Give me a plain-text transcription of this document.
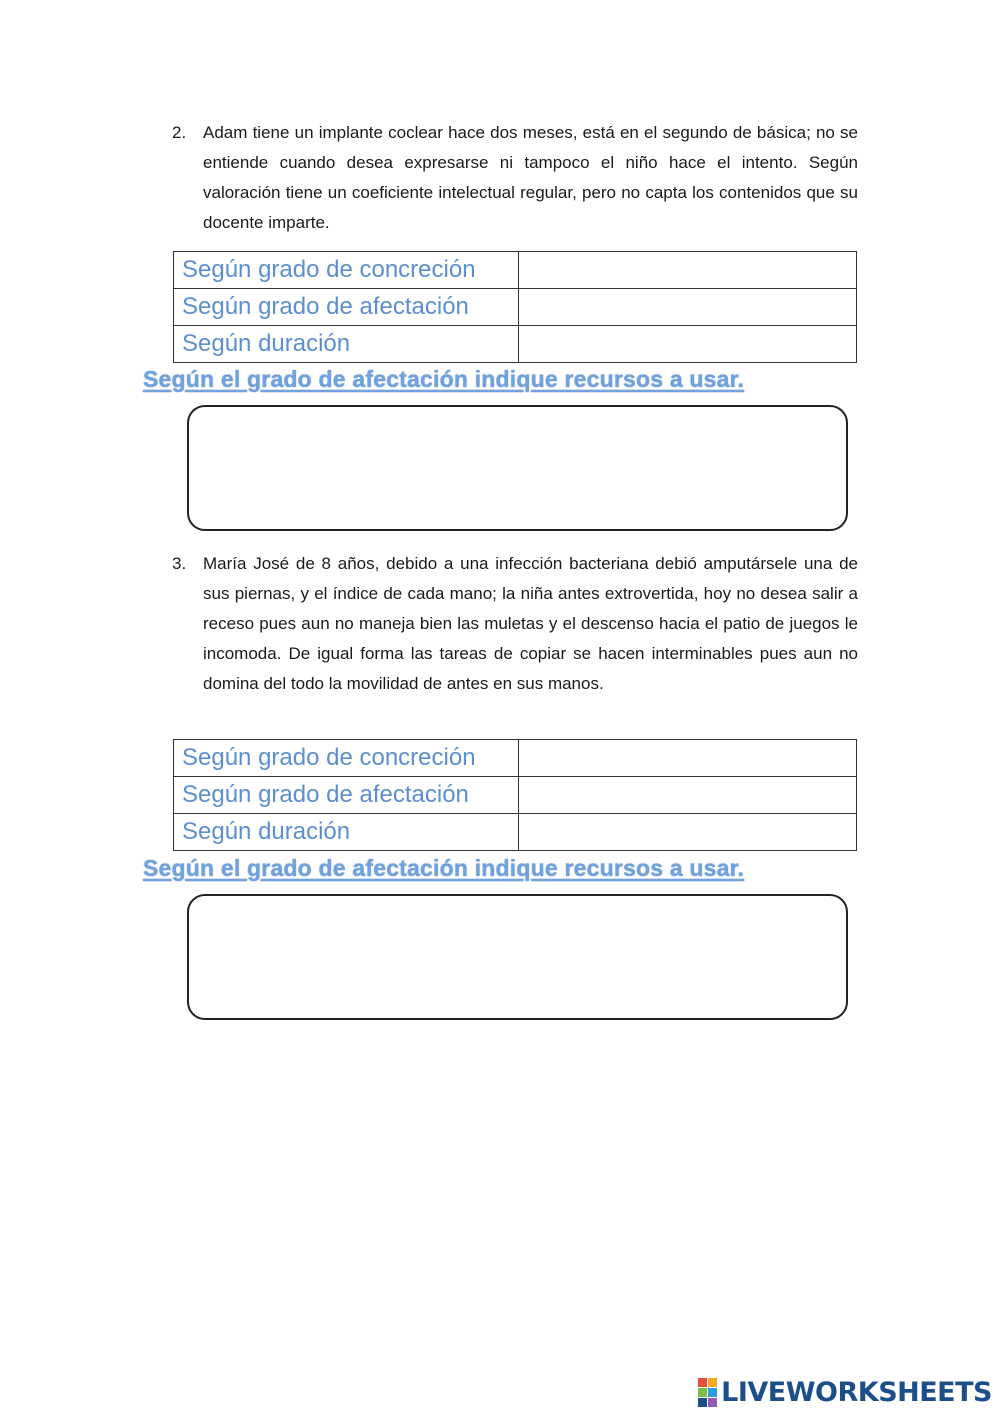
2. Adam tiene un implante coclear hace dos meses, está en el segundo de básica; no se entiende cuando desea expresarse ni tampoco el niño hace el intento. Según valoración tiene un coeficiente intelectual regular, pero no capta los contenidos que su docente imparte.
Según grado de concreción	
Según grado de afectación	
Según duración	
Según el grado de afectación indique recursos a usar.
3. María José de 8 años, debido a una infección bacteriana debió amputársele una de sus piernas, y el índice de cada mano; la niña antes extrovertida, hoy no desea salir a receso pues aun no maneja bien las muletas y el descenso hacia el patio de juegos le incomoda. De igual forma las tareas de copiar se hacen interminables pues aun no domina del todo la movilidad de antes en sus manos.
Según grado de concreción	
Según grado de afectación	
Según duración	
Según el grado de afectación indique recursos a usar.
LIVEWORKSHEETS
